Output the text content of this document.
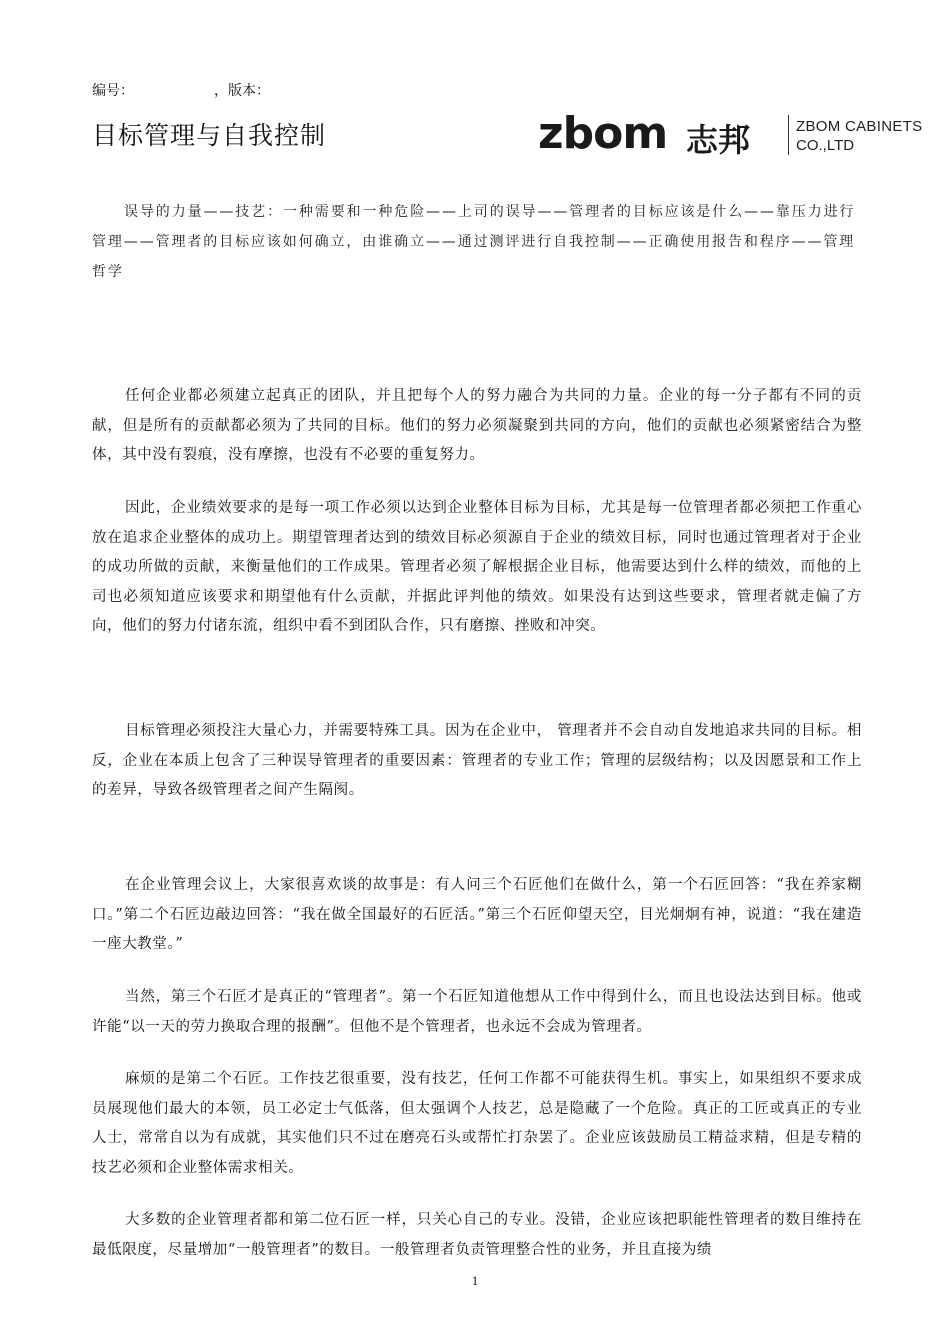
编号：	，版本：
目标管理与自我控制	zbom 志邦	ZBOM CABINETS
CO.,LTD

误导的力量——技艺：一种需要和一种危险——上司的误导——管理者的目标应该是什么——靠压力进行管理——管理者的目标应该如何确立，由谁确立——通过测评进行自我控制——正确使用报告和程序——管理哲学

任何企业都必须建立起真正的团队，并且把每个人的努力融合为共同的力量。企业的每一分子都有不同的贡献，但是所有的贡献都必须为了共同的目标。他们的努力必须凝聚到共同的方向，他们的贡献也必须紧密结合为整体，其中没有裂痕，没有摩擦，也没有不必要的重复努力。

因此，企业绩效要求的是每一项工作必须以达到企业整体目标为目标，尤其是每一位管理者都必须把工作重心放在追求企业整体的成功上。期望管理者达到的绩效目标必须源自于企业的绩效目标，同时也通过管理者对于企业的成功所做的贡献，来衡量他们的工作成果。管理者必须了解根据企业目标，他需要达到什么样的绩效，而他的上司也必须知道应该要求和期望他有什么贡献，并据此评判他的绩效。如果没有达到这些要求，管理者就走偏了方向，他们的努力付诸东流，组织中看不到团队合作，只有磨擦、挫败和冲突。

目标管理必须投注大量心力，并需要特殊工具。因为在企业中， 管理者并不会自动自发地追求共同的目标。相反，企业在本质上包含了三种误导管理者的重要因素：管理者的专业工作；管理的层级结构；以及因愿景和工作上的差异，导致各级管理者之间产生隔阂。

在企业管理会议上，大家很喜欢谈的故事是：有人问三个石匠他们在做什么，第一个石匠回答：“我在养家糊口。”第二个石匠边敲边回答：“我在做全国最好的石匠活。”第三个石匠仰望天空，目光炯炯有神，说道：“我在建造一座大教堂。”

当然，第三个石匠才是真正的“管理者”。第一个石匠知道他想从工作中得到什么，而且也设法达到目标。他或许能“以一天的劳力换取合理的报酬”。但他不是个管理者，也永远不会成为管理者。

麻烦的是第二个石匠。工作技艺很重要，没有技艺，任何工作都不可能获得生机。事实上，如果组织不要求成员展现他们最大的本领，员工必定士气低落，但太强调个人技艺，总是隐藏了一个危险。真正的工匠或真正的专业人士，常常自以为有成就，其实他们只不过在磨亮石头或帮忙打杂罢了。企业应该鼓励员工精益求精，但是专精的技艺必须和企业整体需求相关。

大多数的企业管理者都和第二位石匠一样，只关心自己的专业。没错，企业应该把职能性管理者的数目维持在最低限度，尽量增加“一般管理者”的数目。一般管理者负责管理整合性的业务，并且直接为绩

1
